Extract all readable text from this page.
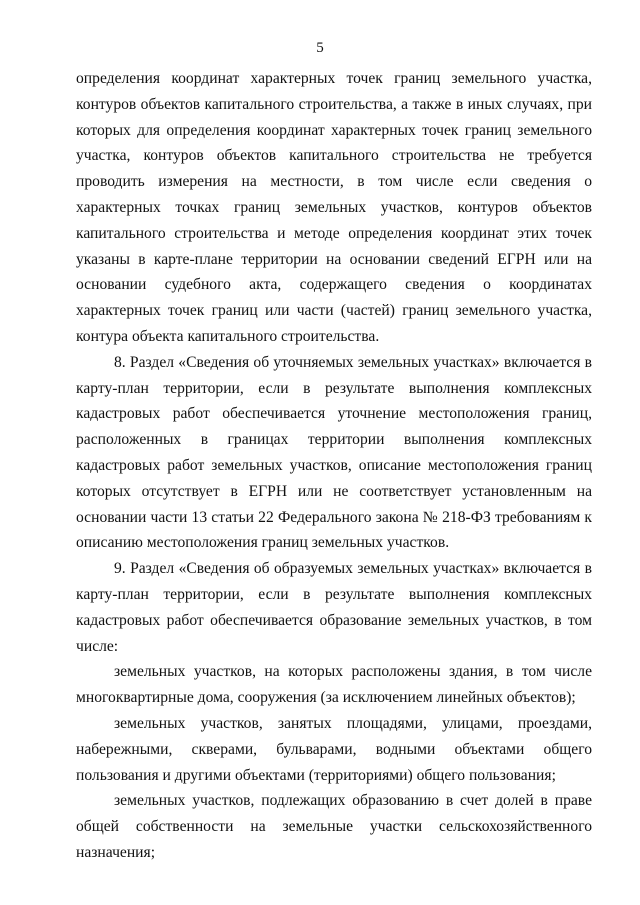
5

определения координат характерных точек границ земельного участка, контуров объектов капитального строительства, а также в иных случаях, при которых для определения координат характерных точек границ земельного участка, контуров объектов капитального строительства не требуется проводить измерения на местности, в том числе если сведения о характерных точках границ земельных участков, контуров объектов капитального строительства и методе определения координат этих точек указаны в карте-плане территории на основании сведений ЕГРН или на основании судебного акта, содержащего сведения о координатах характерных точек границ или части (частей) границ земельного участка, контура объекта капитального строительства.

8. Раздел «Сведения об уточняемых земельных участках» включается в карту-план территории, если в результате выполнения комплексных кадастровых работ обеспечивается уточнение местоположения границ, расположенных в границах территории выполнения комплексных кадастровых работ земельных участков, описание местоположения границ которых отсутствует в ЕГРН или не соответствует установленным на основании части 13 статьи 22 Федерального закона № 218-ФЗ требованиям к описанию местоположения границ земельных участков.

9. Раздел «Сведения об образуемых земельных участках» включается в карту-план территории, если в результате выполнения комплексных кадастровых работ обеспечивается образование земельных участков, в том числе:

земельных участков, на которых расположены здания, в том числе многоквартирные дома, сооружения (за исключением линейных объектов);

земельных участков, занятых площадями, улицами, проездами, набережными, скверами, бульварами, водными объектами общего пользования и другими объектами (территориями) общего пользования;

земельных участков, подлежащих образованию в счет долей в праве общей собственности на земельные участки сельскохозяйственного назначения;
